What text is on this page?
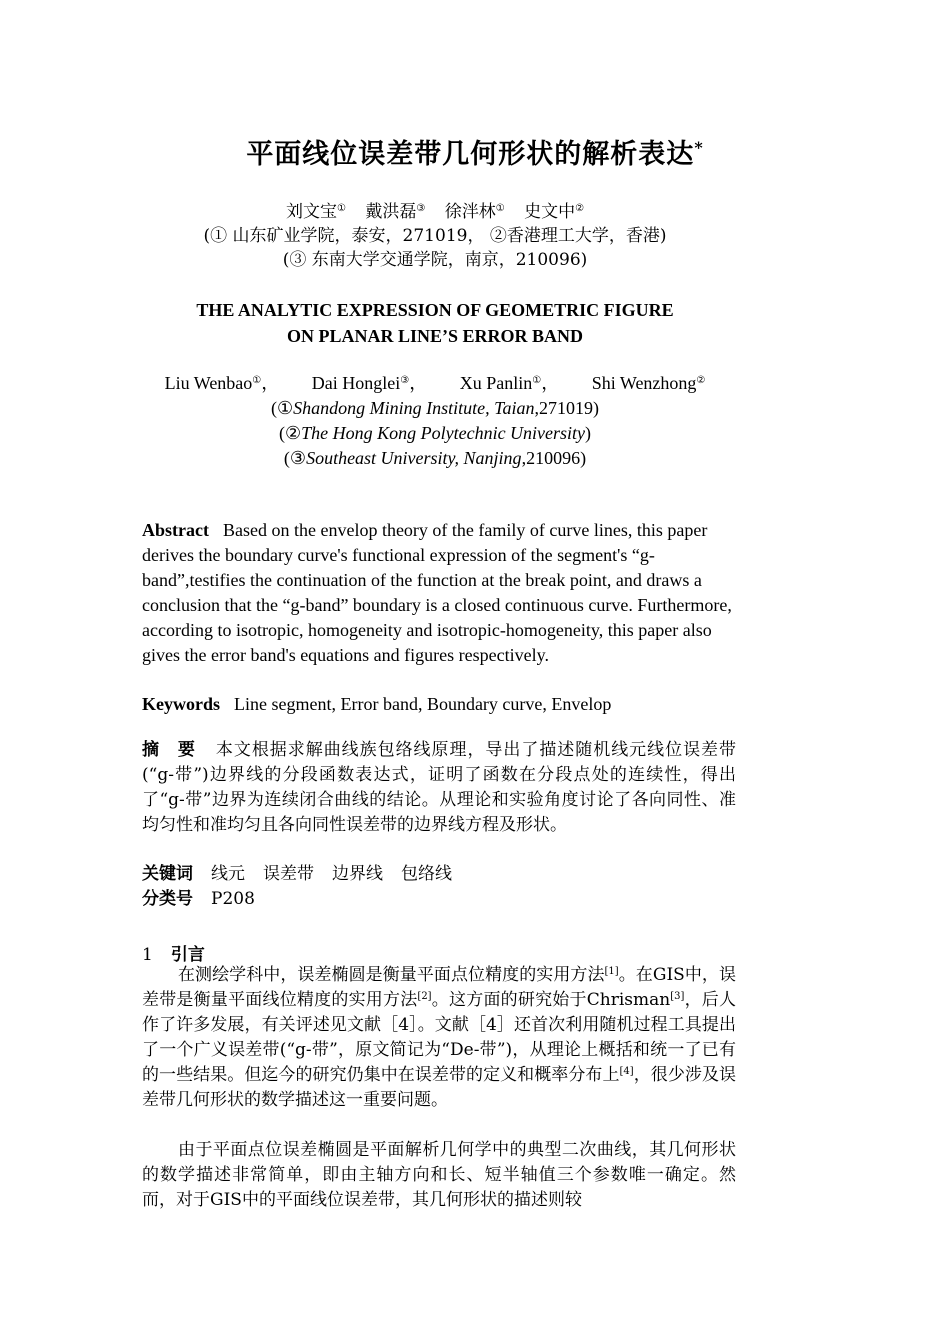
平面线位误差带几何形状的解析表达*
刘文宝① 戴洪磊③ 徐泮林① 史文中②
(① 山东矿业学院，泰安，271019， ②香港理工大学，香港)
(③ 东南大学交通学院，南京，210096)
THE ANALYTIC EXPRESSION OF GEOMETRIC FIGURE
ON PLANAR LINE’S ERROR BAND
Liu Wenbao①， Dai Honglei③， Xu Panlin①， Shi Wenzhong②
(①Shandong Mining Institute, Taian,271019)
(②The Hong Kong Polytechnic University)
(③Southeast University, Nanjing,210096)
Abstract Based on the envelop theory of the family of curve lines, this paper derives the boundary curve's functional expression of the segment's “g-band”,testifies the continuation of the function at the break point, and draws a conclusion that the “g-band” boundary is a closed continuous curve. Furthermore, according to isotropic, homogeneity and isotropic-homogeneity, this paper also gives the error band's equations and figures respectively.
Keywords Line segment, Error band, Boundary curve, Envelop
摘　要 本文根据求解曲线族包络线原理，导出了描述随机线元线位误差带(“g-带”)边界线的分段函数表达式，证明了函数在分段点处的连续性，得出了“g-带”边界为连续闭合曲线的结论。从理论和实验角度讨论了各向同性、准均匀性和准均匀且各向同性误差带的边界线方程及形状。
关键词 线元 误差带 边界线 包络线
分类号 P208
1 引言
在测绘学科中，误差椭圆是衡量平面点位精度的实用方法[1]。在GIS中，误差带是衡量平面线位精度的实用方法[2]。这方面的研究始于Chrisman[3]，后人作了许多发展，有关评述见文献［4］。文献［4］还首次利用随机过程工具提出了一个广义误差带(“g-带”，原文简记为“De-带”)，从理论上概括和统一了已有的一些结果。但迄今的研究仍集中在误差带的定义和概率分布上[4]，很少涉及误差带几何形状的数学描述这一重要问题。
由于平面点位误差椭圆是平面解析几何学中的典型二次曲线，其几何形状的数学描述非常简单，即由主轴方向和长、短半轴值三个参数唯一确定。然而，对于GIS中的平面线位误差带，其几何形状的描述则较
